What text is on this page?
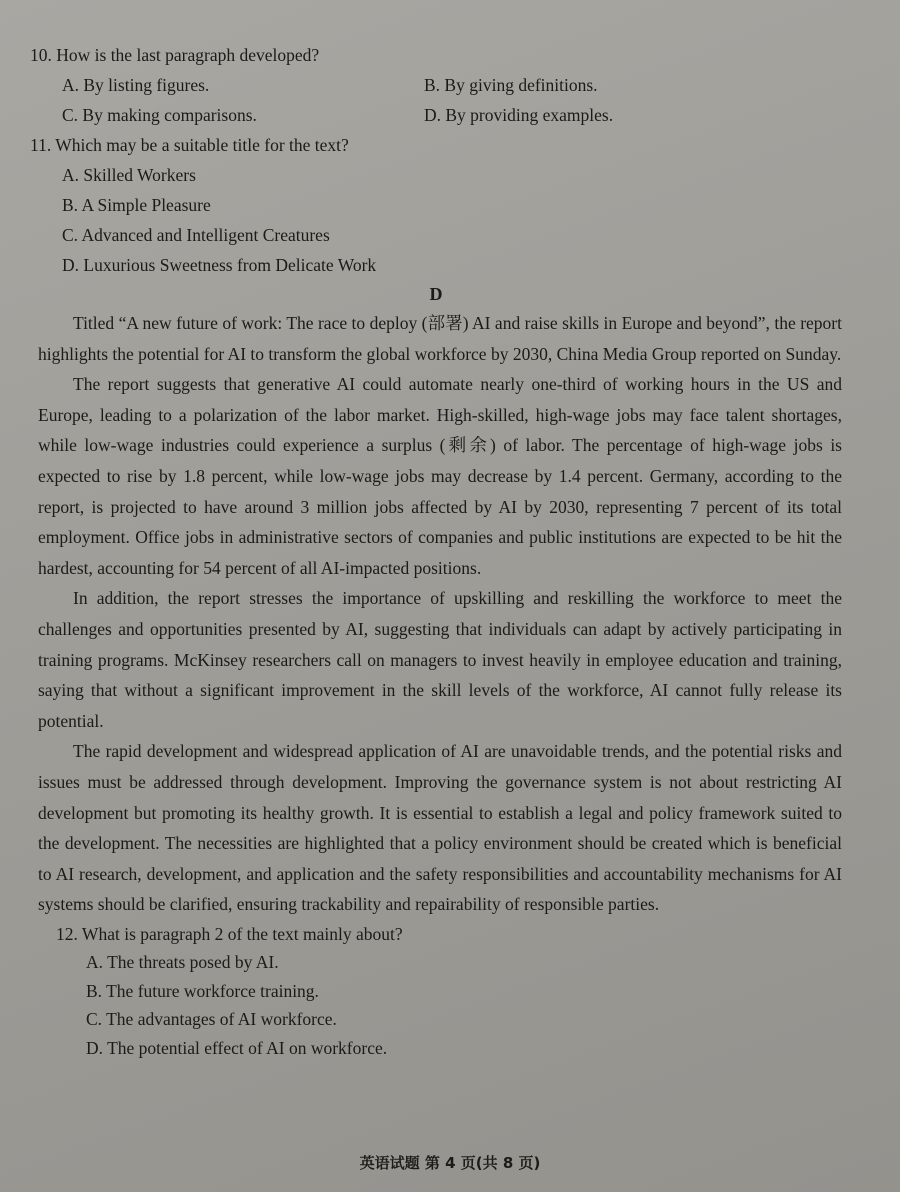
10. How is the last paragraph developed?
A. By listing figures.	B. By giving definitions.
C. By making comparisons.	D. By providing examples.
11. Which may be a suitable title for the text?
A. Skilled Workers
B. A Simple Pleasure
C. Advanced and Intelligent Creatures
D. Luxurious Sweetness from Delicate Work
D

Titled “A new future of work: The race to deploy (部署) AI and raise skills in Europe and beyond”, the report highlights the potential for AI to transform the global workforce by 2030, China Media Group reported on Sunday.

The report suggests that generative AI could automate nearly one-third of working hours in the US and Europe, leading to a polarization of the labor market. High-skilled, high-wage jobs may face talent shortages, while low-wage industries could experience a surplus (剩余) of labor. The percentage of high-wage jobs is expected to rise by 1.8 percent, while low-wage jobs may decrease by 1.4 percent. Germany, according to the report, is projected to have around 3 million jobs affected by AI by 2030, representing 7 percent of its total employment. Office jobs in administrative sectors of companies and public institutions are expected to be hit the hardest, accounting for 54 percent of all AI-impacted positions.

In addition, the report stresses the importance of upskilling and reskilling the workforce to meet the challenges and opportunities presented by AI, suggesting that individuals can adapt by actively participating in training programs. McKinsey researchers call on managers to invest heavily in employee education and training, saying that without a significant improvement in the skill levels of the workforce, AI cannot fully release its potential.

The rapid development and widespread application of AI are unavoidable trends, and the potential risks and issues must be addressed through development. Improving the governance system is not about restricting AI development but promoting its healthy growth. It is essential to establish a legal and policy framework suited to the development. The necessities are highlighted that a policy environment should be created which is beneficial to AI research, development, and application and the safety responsibilities and accountability mechanisms for AI systems should be clarified, ensuring trackability and repairability of responsible parties.

12. What is paragraph 2 of the text mainly about?
A. The threats posed by AI.
B. The future workforce training.
C. The advantages of AI workforce.
D. The potential effect of AI on workforce.
英语试题 第 4 页(共 8 页)
